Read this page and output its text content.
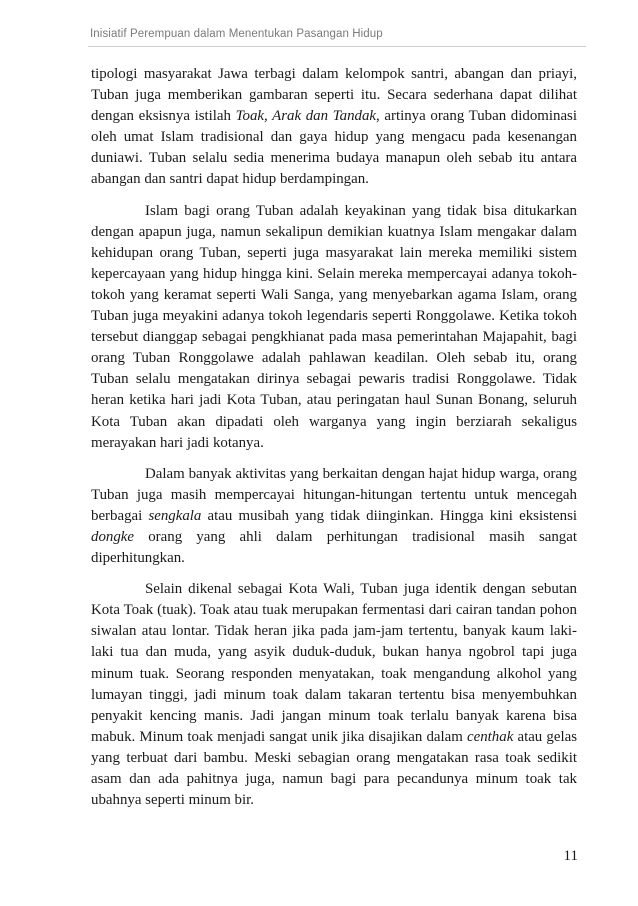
Inisiatif Perempuan dalam Menentukan Pasangan Hidup

tipologi masyarakat Jawa terbagi dalam kelompok santri, abangan dan priayi, Tuban juga memberikan gambaran seperti itu. Secara sederhana dapat dilihat dengan eksisnya istilah Toak, Arak dan Tandak, artinya orang Tuban didominasi oleh umat Islam tradisional dan gaya hidup yang mengacu pada kesenangan duniawi. Tuban selalu sedia menerima budaya manapun oleh sebab itu antara abangan dan santri dapat hidup berdampingan.

Islam bagi orang Tuban adalah keyakinan yang tidak bisa ditukarkan dengan apapun juga, namun sekalipun demikian kuatnya Islam mengakar dalam kehidupan orang Tuban, seperti juga masyarakat lain mereka memiliki sistem kepercayaan yang hidup hingga kini. Selain mereka mempercayai adanya tokoh-tokoh yang keramat seperti Wali Sanga, yang menyebarkan agama Islam, orang Tuban juga meyakini adanya tokoh legendaris seperti Ronggolawe. Ketika tokoh tersebut dianggap sebagai pengkhianat pada masa pemerintahan Majapahit, bagi orang Tuban Ronggolawe adalah pahlawan keadilan. Oleh sebab itu, orang Tuban selalu mengatakan dirinya sebagai pewaris tradisi Ronggolawe. Tidak heran ketika hari jadi Kota Tuban, atau peringatan haul Sunan Bonang, seluruh Kota Tuban akan dipadati oleh warganya yang ingin berziarah sekaligus merayakan hari jadi kotanya.

Dalam banyak aktivitas yang berkaitan dengan hajat hidup warga, orang Tuban juga masih mempercayai hitungan-hitungan tertentu untuk mencegah berbagai sengkala atau musibah yang tidak diinginkan. Hingga kini eksistensi dongke orang yang ahli dalam perhitungan tradisional masih sangat diperhitungkan.

Selain dikenal sebagai Kota Wali, Tuban juga identik dengan sebutan Kota Toak (tuak). Toak atau tuak merupakan fermentasi dari cairan tandan pohon siwalan atau lontar. Tidak heran jika pada jam-jam tertentu, banyak kaum laki-laki tua dan muda, yang asyik duduk-duduk, bukan hanya ngobrol tapi juga minum tuak. Seorang responden menyatakan, toak mengandung alkohol yang lumayan tinggi, jadi minum toak dalam takaran tertentu bisa menyembuhkan penyakit kencing manis. Jadi jangan minum toak terlalu banyak karena bisa mabuk. Minum toak menjadi sangat unik jika disajikan dalam centhak atau gelas yang terbuat dari bambu. Meski sebagian orang mengatakan rasa toak sedikit asam dan ada pahitnya juga, namun bagi para pecandunya minum toak tak ubahnya seperti minum bir.

11
